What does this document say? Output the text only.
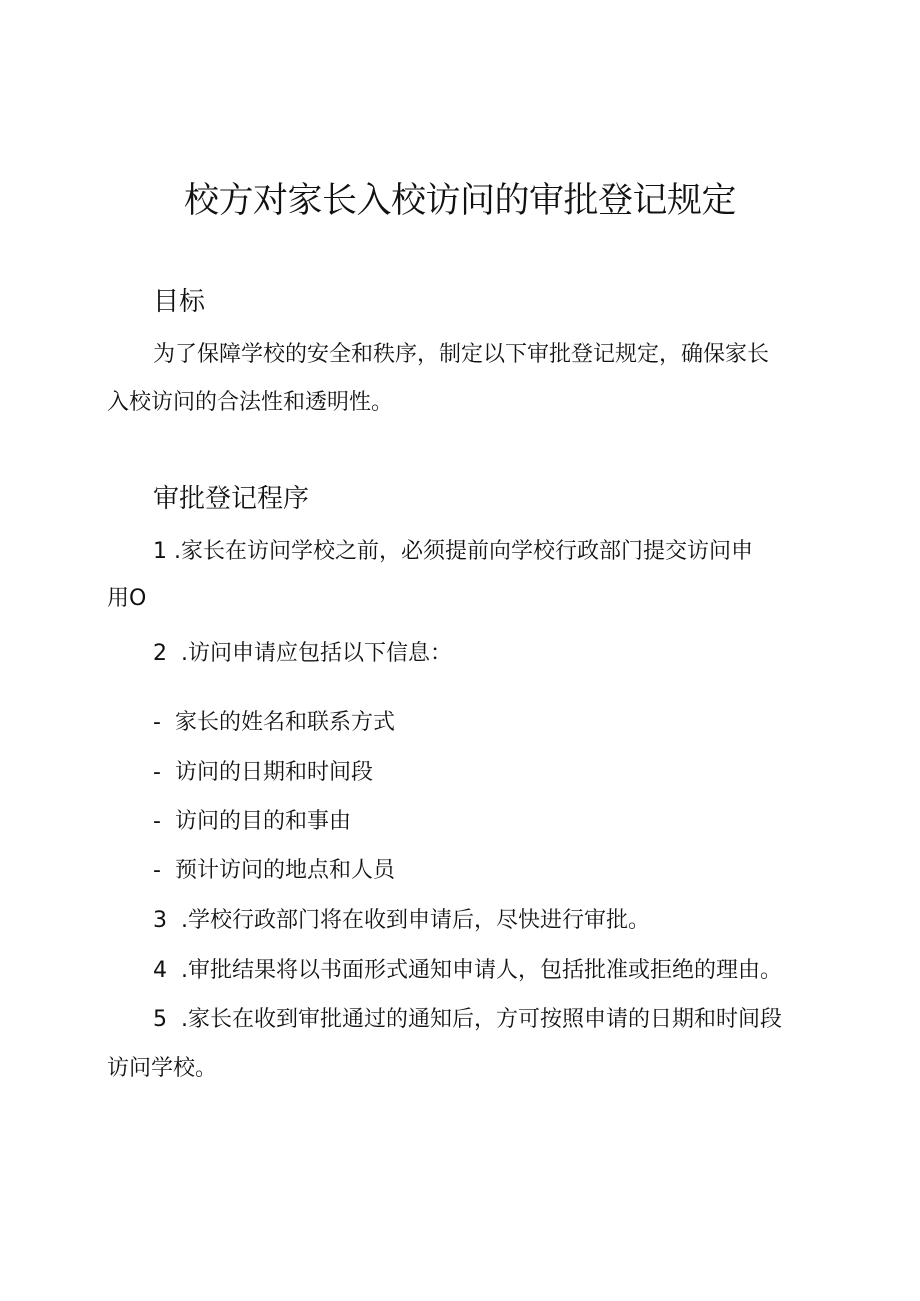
校方对家长入校访问的审批登记规定
目标

为了保障学校的安全和秩序，制定以下审批登记规定，确保家长

入校访问的合法性和透明性。

审批登记程序

1 .家长在访问学校之前，必须提前向学校行政部门提交访问申

用O

2 .访问申请应包括以下信息：

- 家长的姓名和联系方式

- 访问的日期和时间段

- 访问的目的和事由

- 预计访问的地点和人员

3 .学校行政部门将在收到申请后，尽快进行审批。

4 .审批结果将以书面形式通知申请人，包括批准或拒绝的理由。

5 .家长在收到审批通过的通知后，方可按照申请的日期和时间段

访问学校。
